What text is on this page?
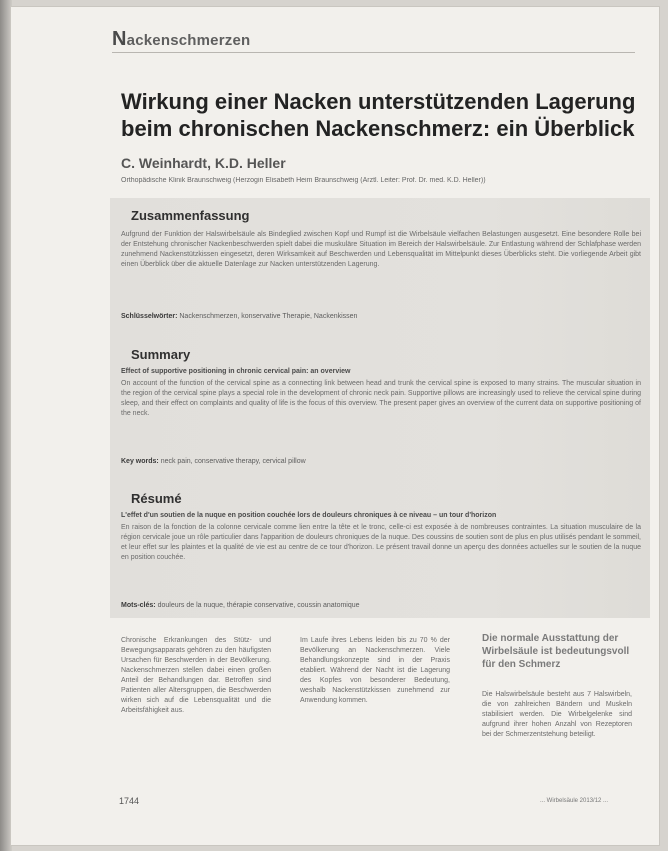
Nackenschmerzen
Wirkung einer Nacken unterstützenden Lagerung beim chronischen Nackenschmerz: ein Überblick
C. Weinhardt, K.D. Heller
Orthopädische Klinik Braunschweig (Herzogin Elisabeth Heim Braunschweig (Ärztl. Leiter: Prof. Dr. med. K.D. Heller))
Zusammenfassung

Aufgrund der Funktion der Halswirbelsäule als Bindeglied zwischen Kopf und Rumpf ist die Wirbelsäule vielfachen Belastungen ausgesetzt. Eine besondere Rolle bei der Entstehung chronischer Nackenbeschwerden spielt dabei die muskuläre Situation im Bereich der Halswirbelsäule. Zur Entlastung während der Schlafphase werden zunehmend Nackenstützkissen eingesetzt, deren Wirksamkeit auf Beschwerden und Lebensqualität im Mittelpunkt dieses Überblicks steht. Die vorliegende Arbeit gibt einen Überblick über die aktuelle Datenlage zur Nacken unterstützenden Lagerung.

Schlüsselwörter: Nackenschmerzen, konservative Therapie, Nackenkissen
Summary
Effect of supportive positioning in chronic cervical pain: an overview

On account of the function of the cervical spine as a connecting link between head and trunk the cervical spine is exposed to many strains. The muscular situation in the region of the cervical spine plays a special role in the development of chronic neck pain. Supportive pillows are increasingly used to relieve the cervical spine during sleep, and their effect on complaints and quality of life is the focus of this overview. The present paper gives an overview of the current data on supportive positioning of the neck.

Key words: neck pain, conservative therapy, cervical pillow
Résumé
L'effet d'un soutien de la nuque en position couchée lors de douleurs chroniques à ce niveau – un tour d'horizon

En raison de la fonction de la colonne cervicale comme lien entre la tête et le tronc, celle-ci est exposée à de nombreuses contraintes. La situation musculaire de la région cervicale joue un rôle particulier dans l'apparition de douleurs chroniques de la nuque. Des coussins de soutien sont de plus en plus utilisés pendant le sommeil, et leur effet sur les plaintes et la qualité de vie est au centre de ce tour d'horizon. Le présent travail donne un aperçu des données actuelles sur le soutien de la nuque en position couchée.

Mots-clés: douleurs de la nuque, thérapie conservative, coussin anatomique

Chronische Erkrankungen des Stütz- und Bewegungsapparats gehören zu den häufigsten Ursachen für Beschwerden in der Bevölkerung. Nackenschmerzen stellen dabei einen großen Anteil der Behandlungen dar. Betroffen sind Patienten aller Altersgruppen, die Beschwerden wirken sich auf die Lebensqualität und die Arbeitsfähigkeit aus.

Im Laufe ihres Lebens leiden bis zu 70 % der Bevölkerung an Nackenschmerzen. Viele Behandlungskonzepte sind in der Praxis etabliert. Während der Nacht ist die Lagerung des Kopfes von besonderer Bedeutung, weshalb Nackenstützkissen zunehmend zur Anwendung kommen.

Die normale Ausstattung der Wirbelsäule ist bedeutungsvoll für den Schmerz

Die Halswirbelsäule besteht aus 7 Halswirbeln, die von zahlreichen Bändern und Muskeln stabilisiert werden. Die Wirbelgelenke sind aufgrund ihrer hohen Anzahl von Rezeptoren bei der Schmerzentstehung beteiligt.

1744	... Wirbelsäule 2013/12 ...
